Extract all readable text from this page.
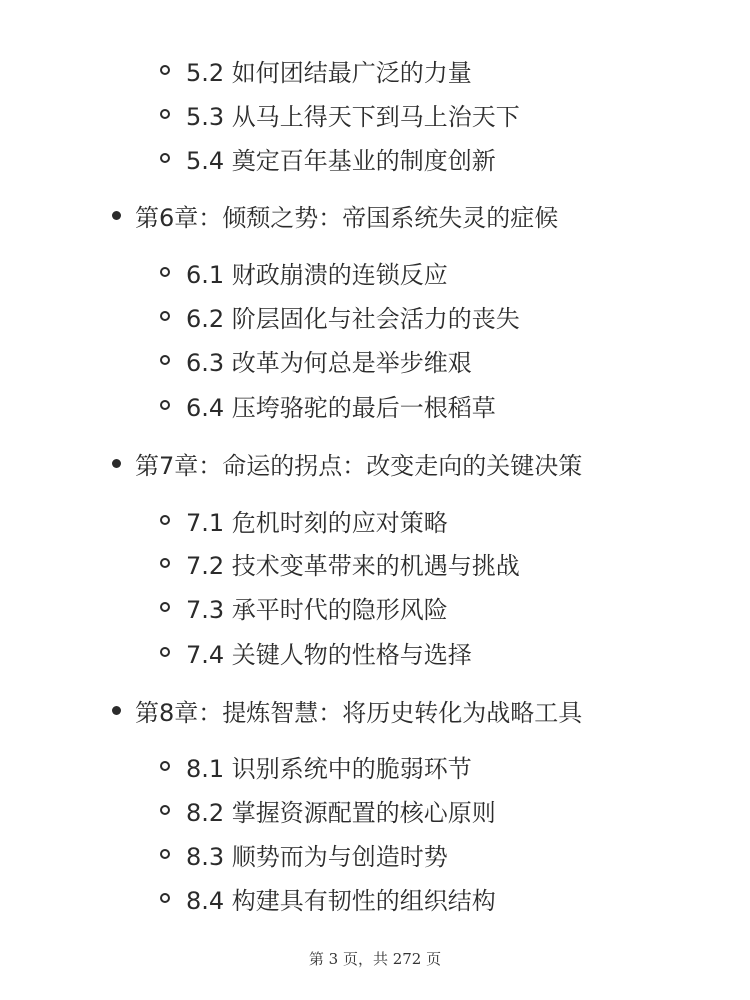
5.2 如何团结最广泛的力量
5.3 从马上得天下到马上治天下
5.4 奠定百年基业的制度创新
第6章：倾颓之势：帝国系统失灵的症候
6.1 财政崩溃的连锁反应
6.2 阶层固化与社会活力的丧失
6.3 改革为何总是举步维艰
6.4 压垮骆驼的最后一根稻草
第7章：命运的拐点：改变走向的关键决策
7.1 危机时刻的应对策略
7.2 技术变革带来的机遇与挑战
7.3 承平时代的隐形风险
7.4 关键人物的性格与选择
第8章：提炼智慧：将历史转化为战略工具
8.1 识别系统中的脆弱环节
8.2 掌握资源配置的核心原则
8.3 顺势而为与创造时势
8.4 构建具有韧性的组织结构
第 3 页，共 272 页
